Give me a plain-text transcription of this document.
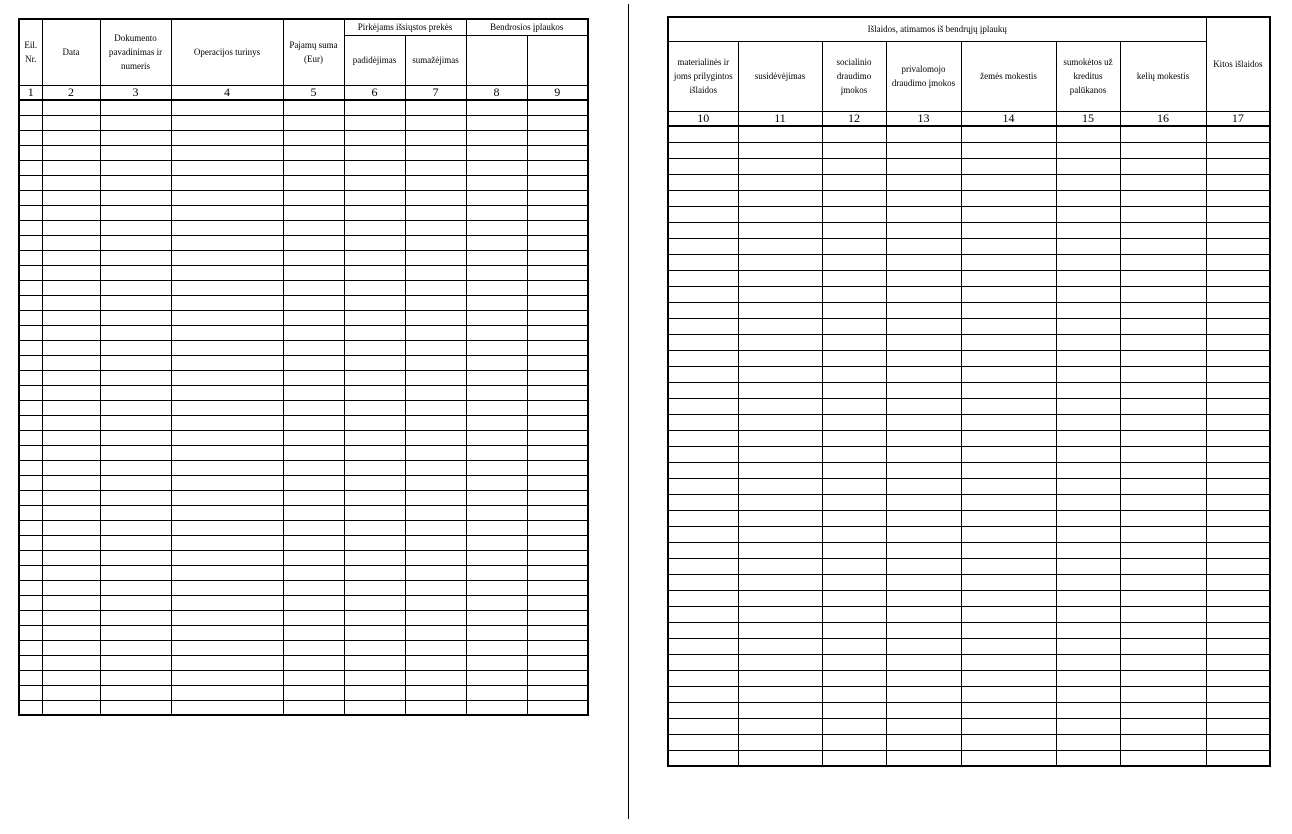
Eil. Nr.	Data	Dokumento pavadinimas ir numeris	Operacijos turinys	Pajamų suma (Eur)	Pirkėjams išsiųstos prekės		Bendrosios įplaukos	
					padidėjimas	sumažėjimas		
1	2	3	4	5	6	7	8	9

Išlaidos, atimamos iš bendrųjų įplaukų							Kitos išlaidos
materialinės ir joms prilygintos išlaidos	susidėvėjimas	socialinio draudimo įmokos	privalomojo draudimo įmokos	žemės mokestis	sumokėtos už kreditus palūkanos	kelių mokestis	
10	11	12	13	14	15	16	17
